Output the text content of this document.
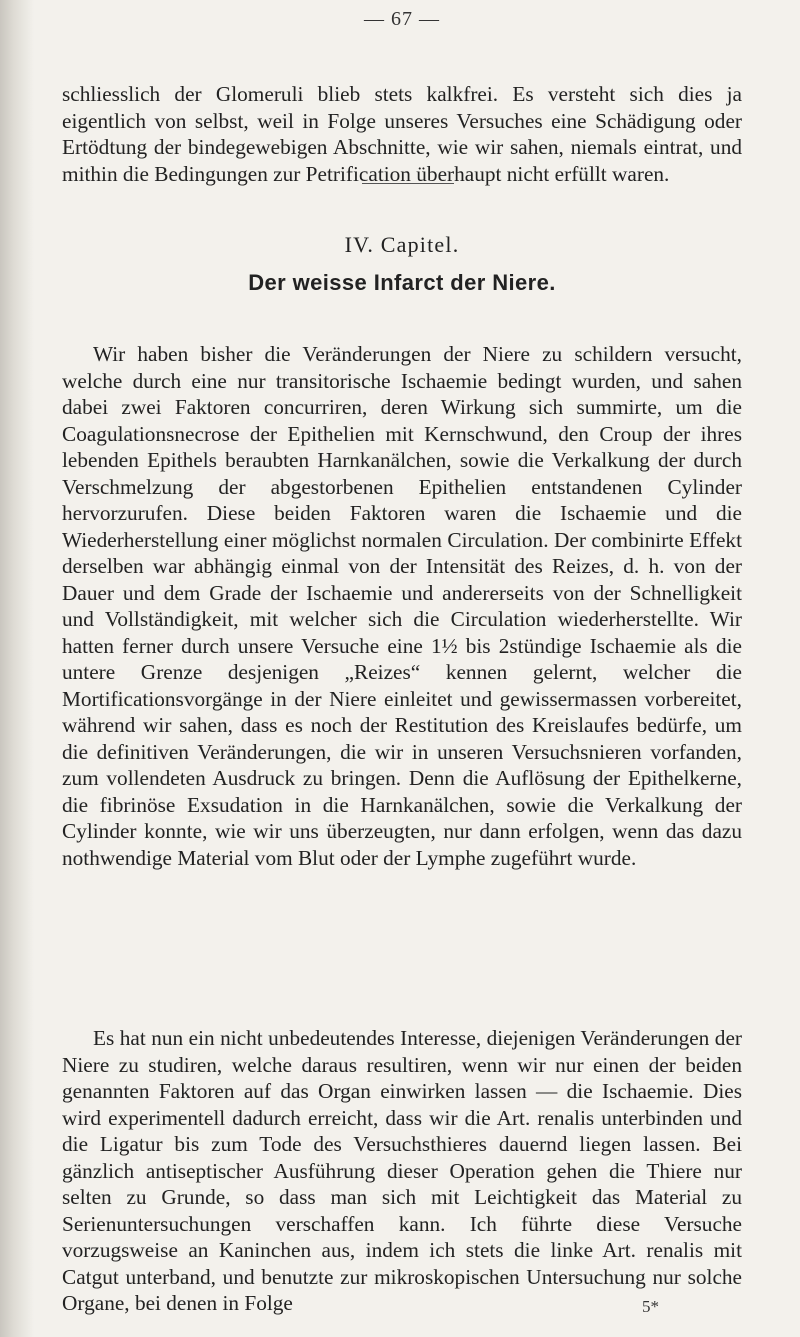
— 67 —

schliesslich der Glomeruli blieb stets kalkfrei. Es versteht sich dies ja eigentlich von selbst, weil in Folge unseres Versuches eine Schädigung oder Ertödtung der bindegewebigen Abschnitte, wie wir sahen, niemals eintrat, und mithin die Bedingungen zur Petrification überhaupt nicht erfüllt waren.

IV. Capitel.
Der weisse Infarct der Niere.

Wir haben bisher die Veränderungen der Niere zu schildern versucht, welche durch eine nur transitorische Ischaemie bedingt wurden, und sahen dabei zwei Faktoren concurriren, deren Wirkung sich summirte, um die Coagulationsnecrose der Epithelien mit Kernschwund, den Croup der ihres lebenden Epithels beraubten Harnkanälchen, sowie die Verkalkung der durch Verschmelzung der abgestorbenen Epithelien entstandenen Cylinder hervorzurufen. Diese beiden Faktoren waren die Ischaemie und die Wiederherstellung einer möglichst normalen Circulation. Der combinirte Effekt derselben war abhängig einmal von der Intensität des Reizes, d. h. von der Dauer und dem Grade der Ischaemie und andererseits von der Schnelligkeit und Vollständigkeit, mit welcher sich die Circulation wiederherstellte. Wir hatten ferner durch unsere Versuche eine 1½ bis 2stündige Ischaemie als die untere Grenze desjenigen „Reizes“ kennen gelernt, welcher die Mortificationsvorgänge in der Niere einleitet und gewissermassen vorbereitet, während wir sahen, dass es noch der Restitution des Kreislaufes bedürfe, um die definitiven Veränderungen, die wir in unseren Versuchsnieren vorfanden, zum vollendeten Ausdruck zu bringen. Denn die Auflösung der Epithelkerne, die fibrinöse Exsudation in die Harnkanälchen, sowie die Verkalkung der Cylinder konnte, wie wir uns überzeugten, nur dann erfolgen, wenn das dazu nothwendige Material vom Blut oder der Lymphe zugeführt wurde.

Es hat nun ein nicht unbedeutendes Interesse, diejenigen Veränderungen der Niere zu studiren, welche daraus resultiren, wenn wir nur einen der beiden genannten Faktoren auf das Organ einwirken lassen — die Ischaemie. Dies wird experimentell dadurch erreicht, dass wir die Art. renalis unterbinden und die Ligatur bis zum Tode des Versuchsthieres dauernd liegen lassen. Bei gänzlich antiseptischer Ausführung dieser Operation gehen die Thiere nur selten zu Grunde, so dass man sich mit Leichtigkeit das Material zu Serienuntersuchungen verschaffen kann. Ich führte diese Versuche vorzugsweise an Kaninchen aus, indem ich stets die linke Art. renalis mit Catgut unterband, und benutzte zur mikroskopischen Untersuchung nur solche Organe, bei denen in Folge	5*
